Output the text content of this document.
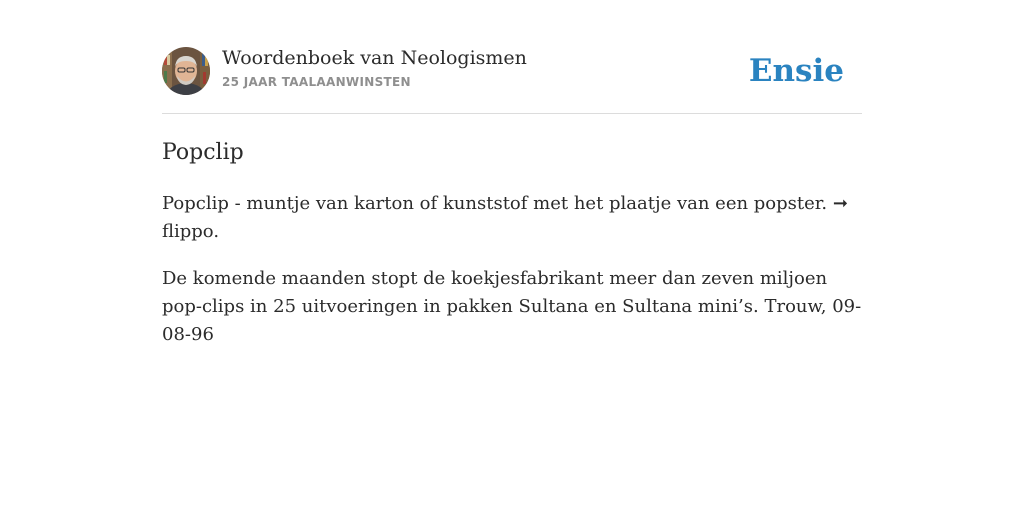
Woordenboek van Neologismen
25 JAAR TAALAANWINSTEN	Ensie
Popclip

Popclip - muntje van karton of kunststof met het plaatje van een popster. ➞ flippo.

De komende maanden stopt de koekjesfabrikant meer dan zeven miljoen pop-clips in 25 uitvoeringen in pakken Sultana en Sultana mini’s. Trouw, 09-08-96
